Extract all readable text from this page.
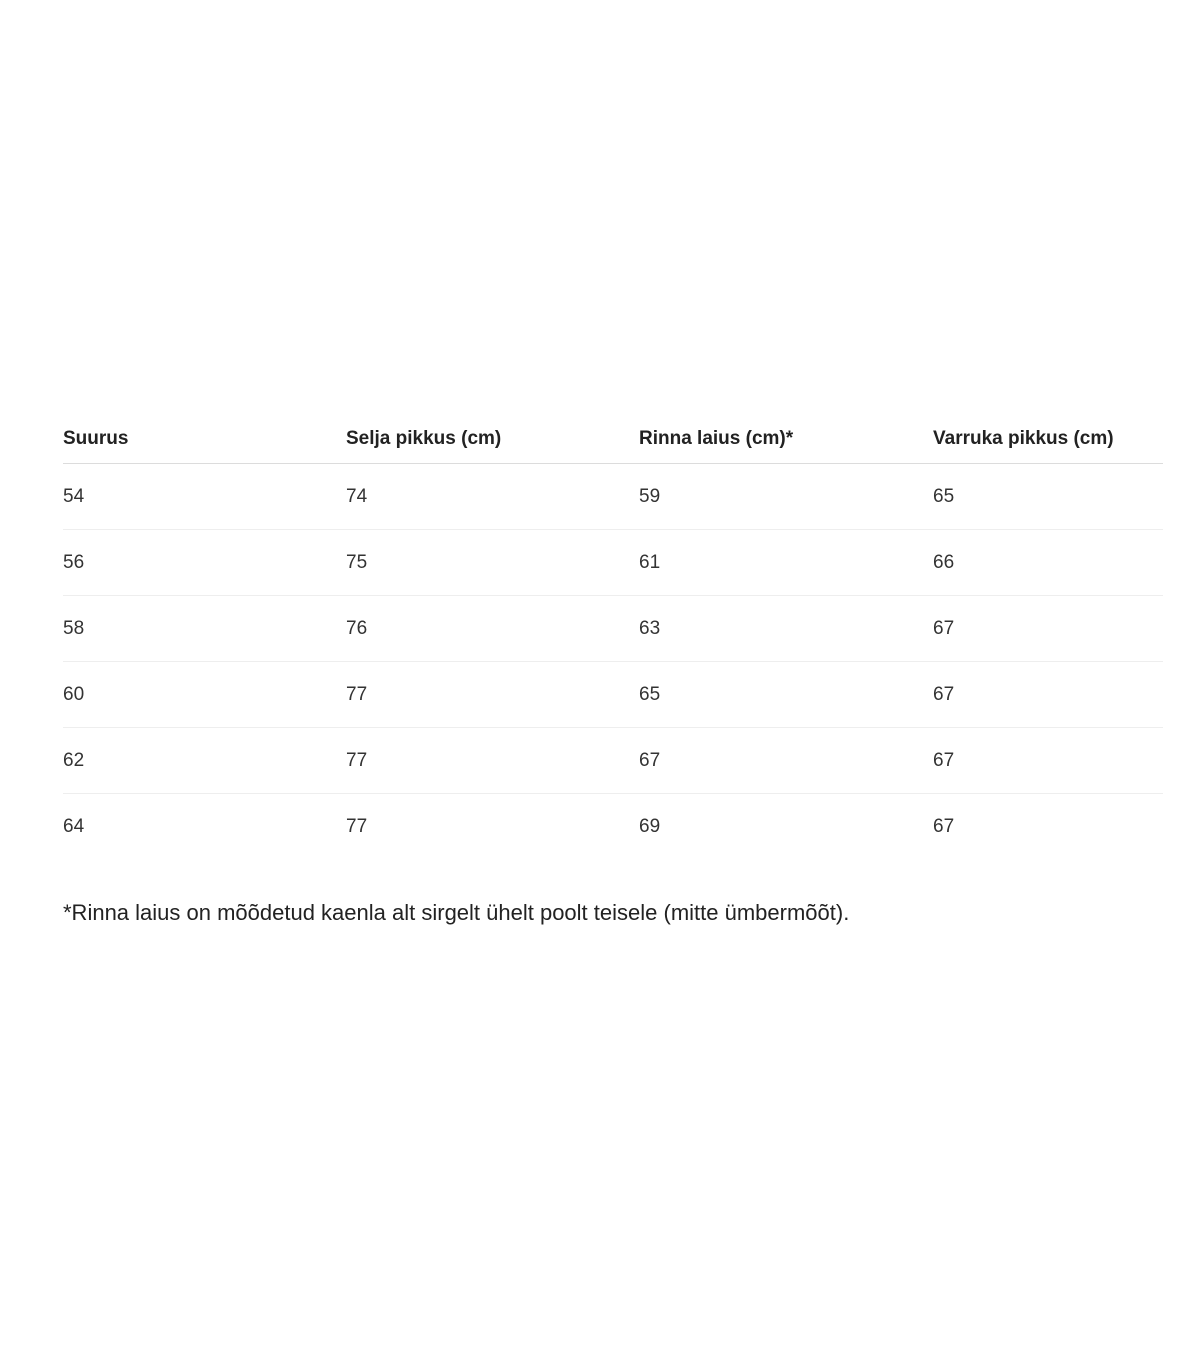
Suurus	Selja pikkus (cm)	Rinna laius (cm)*	Varruka pikkus (cm)
54	74	59	65
56	75	61	66
58	76	63	67
60	77	65	67
62	77	67	67
64	77	69	67

*Rinna laius on mõõdetud kaenla alt sirgelt ühelt poolt teisele (mitte ümbermõõt).
